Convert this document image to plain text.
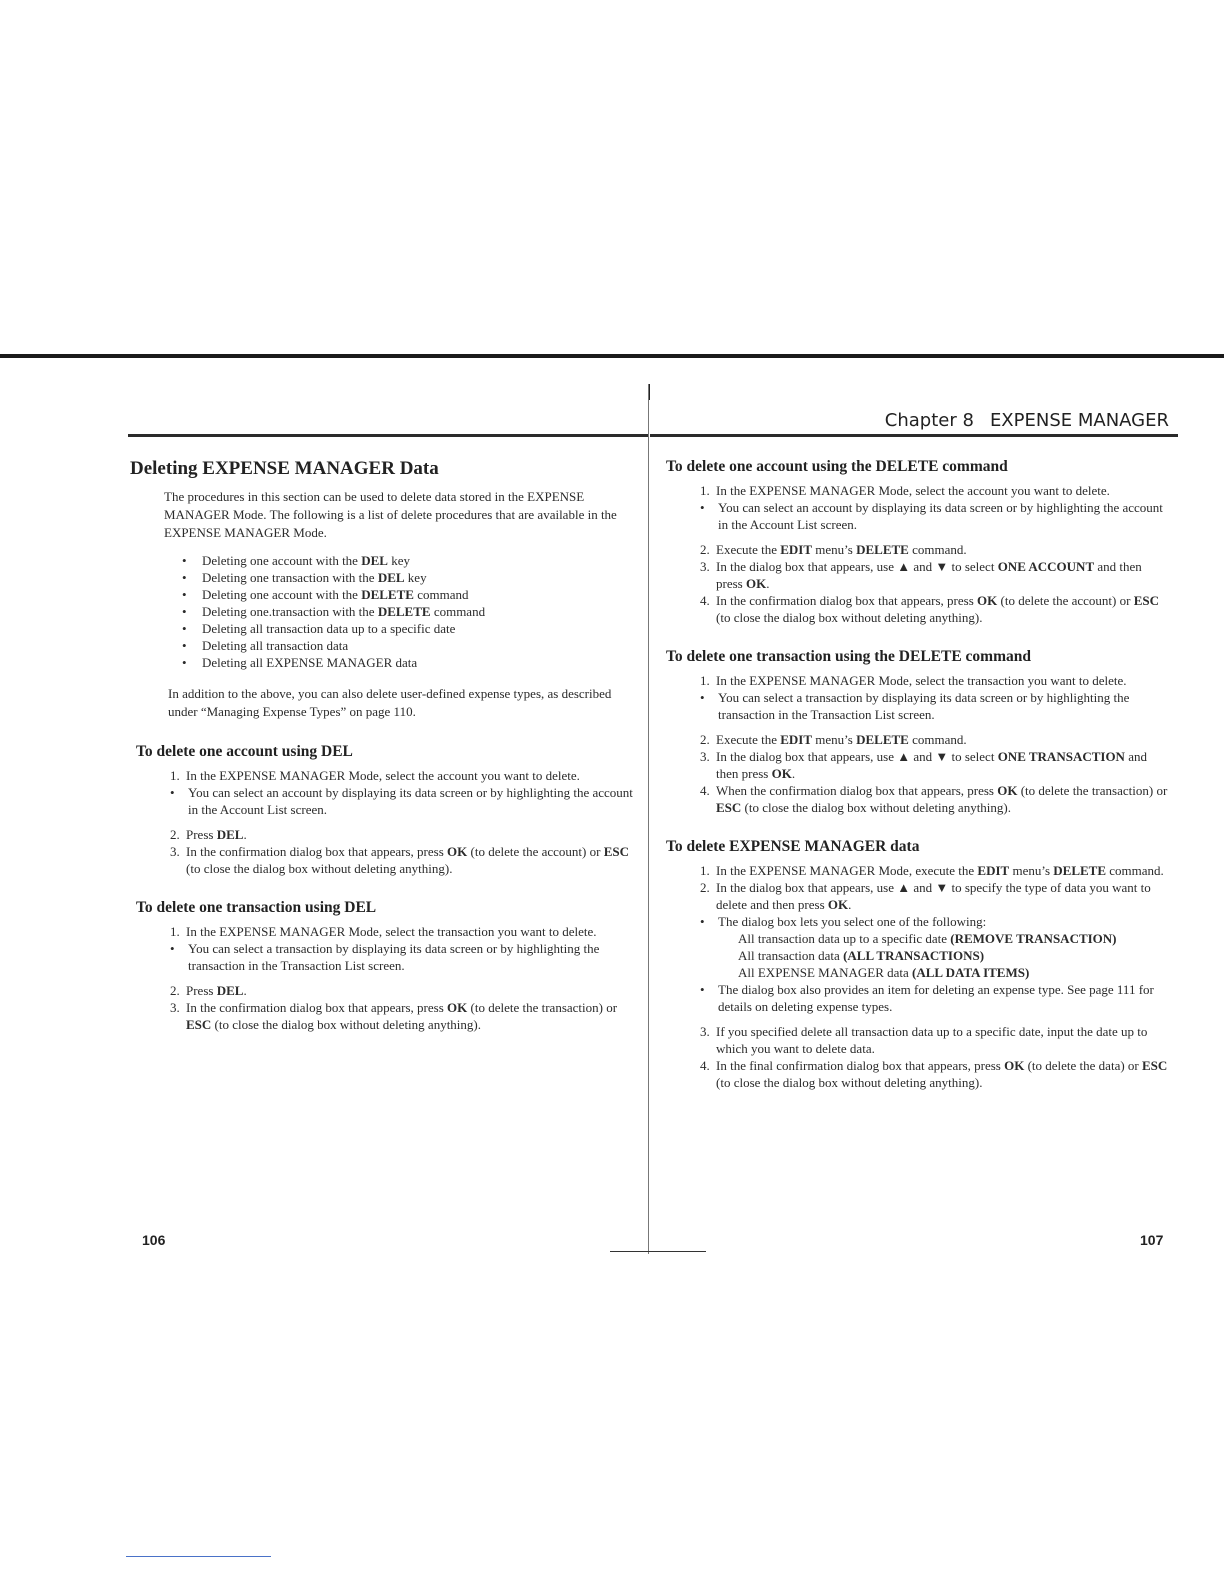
Chapter 8 EXPENSE MANAGER
Deleting EXPENSE MANAGER Data

The procedures in this section can be used to delete data stored in the EXPENSE MANAGER Mode. The following is a list of delete procedures that are available in the EXPENSE MANAGER Mode.

• Deleting one account with the DEL key
• Deleting one transaction with the DEL key
• Deleting one account with the DELETE command
• Deleting one.transaction with the DELETE command
• Deleting all transaction data up to a specific date
• Deleting all transaction data
• Deleting all EXPENSE MANAGER data

In addition to the above, you can also delete user-defined expense types, as described under “Managing Expense Types” on page 110.

To delete one account using DEL
1. In the EXPENSE MANAGER Mode, select the account you want to delete.
• You can select an account by displaying its data screen or by highlighting the account in the Account List screen.
2. Press DEL.
3. In the confirmation dialog box that appears, press OK (to delete the account) or ESC (to close the dialog box without deleting anything).
To delete one transaction using DEL
1. In the EXPENSE MANAGER Mode, select the transaction you want to delete.
• You can select a transaction by displaying its data screen or by highlighting the transaction in the Transaction List screen.
2. Press DEL.
3. In the confirmation dialog box that appears, press OK (to delete the transaction) or ESC (to close the dialog box without deleting anything).
106
To delete one account using the DELETE command
1. In the EXPENSE MANAGER Mode, select the account you want to delete.
• You can select an account by displaying its data screen or by highlighting the account in the Account List screen.
2. Execute the EDIT menu’s DELETE command.
3. In the dialog box that appears, use ▲ and ▼ to select ONE ACCOUNT and then press OK.
4. In the confirmation dialog box that appears, press OK (to delete the account) or ESC (to close the dialog box without deleting anything).
To delete one transaction using the DELETE command
1. In the EXPENSE MANAGER Mode, select the transaction you want to delete.
• You can select a transaction by displaying its data screen or by highlighting the transaction in the Transaction List screen.
2. Execute the EDIT menu’s DELETE command.
3. In the dialog box that appears, use ▲ and ▼ to select ONE TRANSACTION and then press OK.
4. When the confirmation dialog box that appears, press OK (to delete the transaction) or ESC (to close the dialog box without deleting anything).
To delete EXPENSE MANAGER data
1. In the EXPENSE MANAGER Mode, execute the EDIT menu’s DELETE command.
2. In the dialog box that appears, use ▲ and ▼ to specify the type of data you want to delete and then press OK.
• The dialog box lets you select one of the following:
All transaction data up to a specific date (REMOVE TRANSACTION)
All transaction data (ALL TRANSACTIONS)
All EXPENSE MANAGER data (ALL DATA ITEMS)
• The dialog box also provides an item for deleting an expense type. See page 111 for details on deleting expense types.
3. If you specified delete all transaction data up to a specific date, input the date up to which you want to delete data.
4. In the final confirmation dialog box that appears, press OK (to delete the data) or ESC (to close the dialog box without deleting anything).
107
